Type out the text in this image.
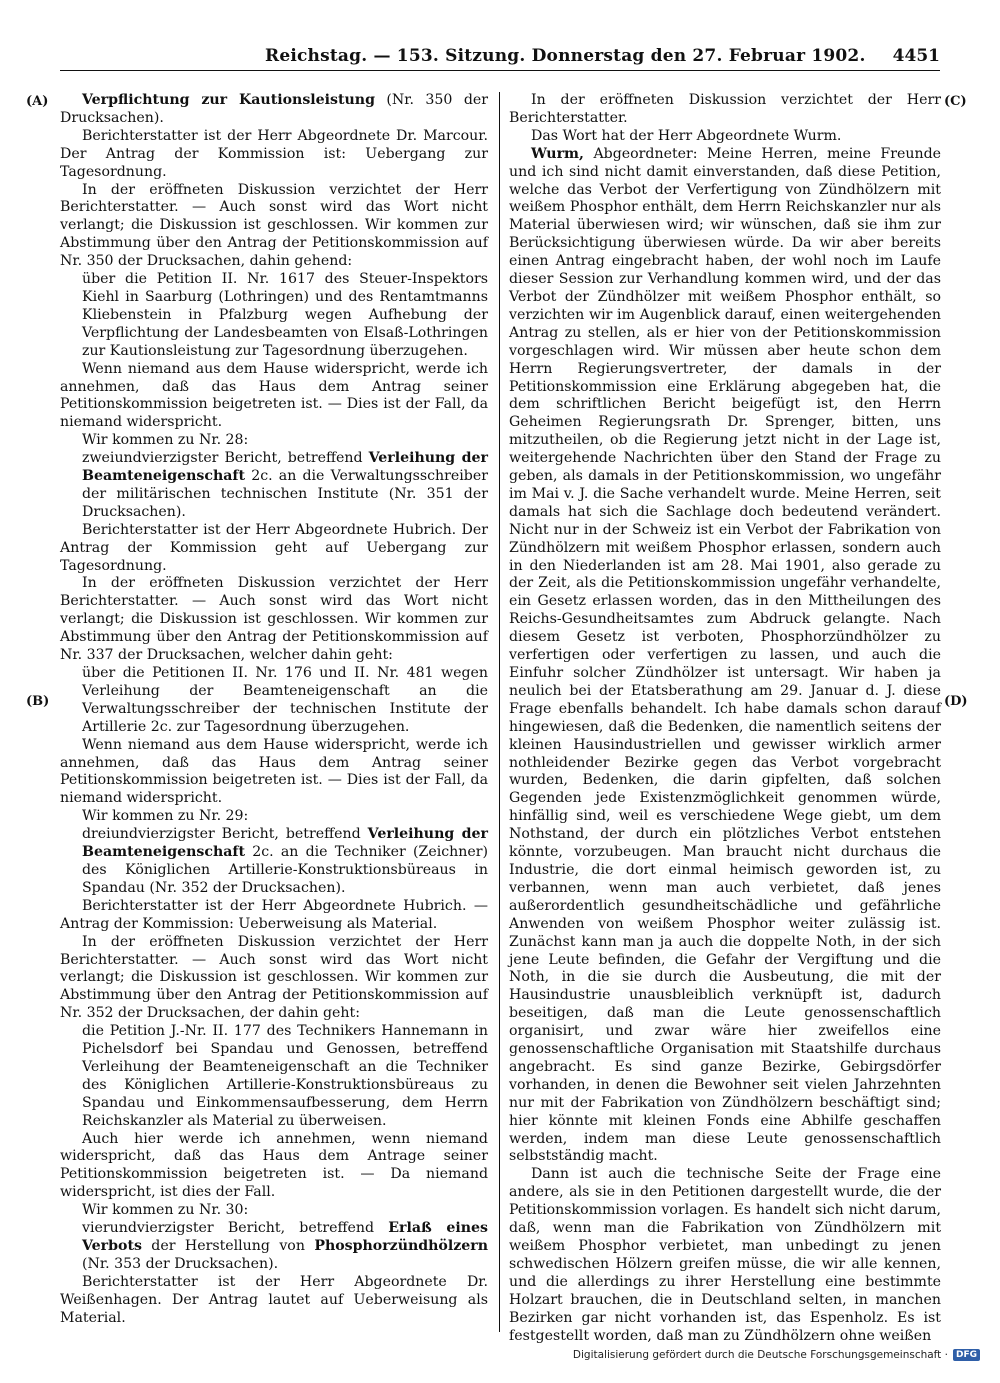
Reichstag. — 153. Sitzung. Donnerstag den 27. Februar 1902. 4451
(A)
(B)
(C)
(D)

Verpflichtung zur Kautionsleistung (Nr. 350 der Drucksachen).

Berichterstatter ist der Herr Abgeordnete Dr. Marcour. Der Antrag der Kommission ist: Uebergang zur Tagesordnung.

In der eröffneten Diskussion verzichtet der Herr Berichterstatter. — Auch sonst wird das Wort nicht verlangt; die Diskussion ist geschlossen. Wir kommen zur Abstimmung über den Antrag der Petitionskommission auf Nr. 350 der Drucksachen, dahin gehend:

über die Petition II. Nr. 1617 des Steuer-Inspektors Kiehl in Saarburg (Lothringen) und des Rentamtmanns Kliebenstein in Pfalzburg wegen Aufhebung der Verpflichtung der Landesbeamten von Elsaß-Lothringen zur Kautionsleistung zur Tagesordnung überzugehen.

Wenn niemand aus dem Hause widerspricht, werde ich annehmen, daß das Haus dem Antrag seiner Petitionskommission beigetreten ist. — Dies ist der Fall, da niemand widerspricht.

Wir kommen zu Nr. 28:

zweiundvierzigster Bericht, betreffend Verleihung der Beamteneigenschaft 2c. an die Verwaltungsschreiber der militärischen technischen Institute (Nr. 351 der Drucksachen).

Berichterstatter ist der Herr Abgeordnete Hubrich. Der Antrag der Kommission geht auf Uebergang zur Tagesordnung.

In der eröffneten Diskussion verzichtet der Herr Berichterstatter. — Auch sonst wird das Wort nicht verlangt; die Diskussion ist geschlossen. Wir kommen zur Abstimmung über den Antrag der Petitionskommission auf Nr. 337 der Drucksachen, welcher dahin geht:

über die Petitionen II. Nr. 176 und II. Nr. 481 wegen Verleihung der Beamteneigenschaft an die Verwaltungsschreiber der technischen Institute der Artillerie 2c. zur Tagesordnung überzugehen.

Wenn niemand aus dem Hause widerspricht, werde ich annehmen, daß das Haus dem Antrag seiner Petitionskommission beigetreten ist. — Dies ist der Fall, da niemand widerspricht.

Wir kommen zu Nr. 29:

dreiundvierzigster Bericht, betreffend Verleihung der Beamteneigenschaft 2c. an die Techniker (Zeichner) des Königlichen Artillerie-Konstruktionsbüreaus in Spandau (Nr. 352 der Drucksachen).

Berichterstatter ist der Herr Abgeordnete Hubrich. — Antrag der Kommission: Ueberweisung als Material.

In der eröffneten Diskussion verzichtet der Herr Berichterstatter. — Auch sonst wird das Wort nicht verlangt; die Diskussion ist geschlossen. Wir kommen zur Abstimmung über den Antrag der Petitionskommission auf Nr. 352 der Drucksachen, der dahin geht:

die Petition J.-Nr. II. 177 des Technikers Hannemann in Pichelsdorf bei Spandau und Genossen, betreffend Verleihung der Beamteneigenschaft an die Techniker des Königlichen Artillerie-Konstruktionsbüreaus zu Spandau und Einkommensaufbesserung, dem Herrn Reichskanzler als Material zu überweisen.

Auch hier werde ich annehmen, wenn niemand widerspricht, daß das Haus dem Antrage seiner Petitionskommission beigetreten ist. — Da niemand widerspricht, ist dies der Fall.

Wir kommen zu Nr. 30:

vierundvierzigster Bericht, betreffend Erlaß eines Verbots der Herstellung von Phosphorzündhölzern (Nr. 353 der Drucksachen).

Berichterstatter ist der Herr Abgeordnete Dr. Weißenhagen. Der Antrag lautet auf Ueberweisung als Material.

In der eröffneten Diskussion verzichtet der Herr Berichterstatter.

Das Wort hat der Herr Abgeordnete Wurm.

Wurm, Abgeordneter: Meine Herren, meine Freunde und ich sind nicht damit einverstanden, daß diese Petition, welche das Verbot der Verfertigung von Zündhölzern mit weißem Phosphor enthält, dem Herrn Reichskanzler nur als Material überwiesen wird; wir wünschen, daß sie ihm zur Berücksichtigung überwiesen würde. Da wir aber bereits einen Antrag eingebracht haben, der wohl noch im Laufe dieser Session zur Verhandlung kommen wird, und der das Verbot der Zündhölzer mit weißem Phosphor enthält, so verzichten wir im Augenblick darauf, einen weitergehenden Antrag zu stellen, als er hier von der Petitionskommission vorgeschlagen wird. Wir müssen aber heute schon dem Herrn Regierungsvertreter, der damals in der Petitionskommission eine Erklärung abgegeben hat, die dem schriftlichen Bericht beigefügt ist, den Herrn Geheimen Regierungsrath Dr. Sprenger, bitten, uns mitzutheilen, ob die Regierung jetzt nicht in der Lage ist, weitergehende Nachrichten über den Stand der Frage zu geben, als damals in der Petitionskommission, wo ungefähr im Mai v. J. die Sache verhandelt wurde. Meine Herren, seit damals hat sich die Sachlage doch bedeutend verändert. Nicht nur in der Schweiz ist ein Verbot der Fabrikation von Zündhölzern mit weißem Phosphor erlassen, sondern auch in den Niederlanden ist am 28. Mai 1901, also gerade zu der Zeit, als die Petitionskommission ungefähr verhandelte, ein Gesetz erlassen worden, das in den Mittheilungen des Reichs-Gesundheitsamtes zum Abdruck gelangte. Nach diesem Gesetz ist verboten, Phosphorzündhölzer zu verfertigen oder verfertigen zu lassen, und auch die Einfuhr solcher Zündhölzer ist untersagt. Wir haben ja neulich bei der Etatsberathung am 29. Januar d. J. diese Frage ebenfalls behandelt. Ich habe damals schon darauf hingewiesen, daß die Bedenken, die namentlich seitens der kleinen Hausindustriellen und gewisser wirklich armer nothleidender Bezirke gegen das Verbot vorgebracht wurden, Bedenken, die darin gipfelten, daß solchen Gegenden jede Existenzmöglichkeit genommen würde, hinfällig sind, weil es verschiedene Wege giebt, um dem Nothstand, der durch ein plötzliches Verbot entstehen könnte, vorzubeugen. Man braucht nicht durchaus die Industrie, die dort einmal heimisch geworden ist, zu verbannen, wenn man auch verbietet, daß jenes außerordentlich gesundheitschädliche und gefährliche Anwenden von weißem Phosphor weiter zulässig ist. Zunächst kann man ja auch die doppelte Noth, in der sich jene Leute befinden, die Gefahr der Vergiftung und die Noth, in die sie durch die Ausbeutung, die mit der Hausindustrie unausbleiblich verknüpft ist, dadurch beseitigen, daß man die Leute genossenschaftlich organisirt, und zwar wäre hier zweifellos eine genossenschaftliche Organisation mit Staatshilfe durchaus angebracht. Es sind ganze Bezirke, Gebirgsdörfer vorhanden, in denen die Bewohner seit vielen Jahrzehnten nur mit der Fabrikation von Zündhölzern beschäftigt sind; hier könnte mit kleinen Fonds eine Abhilfe geschaffen werden, indem man diese Leute genossenschaftlich selbstständig macht.

Dann ist auch die technische Seite der Frage eine andere, als sie in den Petitionen dargestellt wurde, die der Petitionskommission vorlagen. Es handelt sich nicht darum, daß, wenn man die Fabrikation von Zündhölzern mit weißem Phosphor verbietet, man unbedingt zu jenen schwedischen Hölzern greifen müsse, die wir alle kennen, und die allerdings zu ihrer Herstellung eine bestimmte Holzart brauchen, die in Deutschland selten, in manchen Bezirken gar nicht vorhanden ist, das Espenholz. Es ist festgestellt worden, daß man zu Zündhölzern ohne weißen

Digitalisierung gefördert durch die Deutsche Forschungsgemeinschaft · DFG
